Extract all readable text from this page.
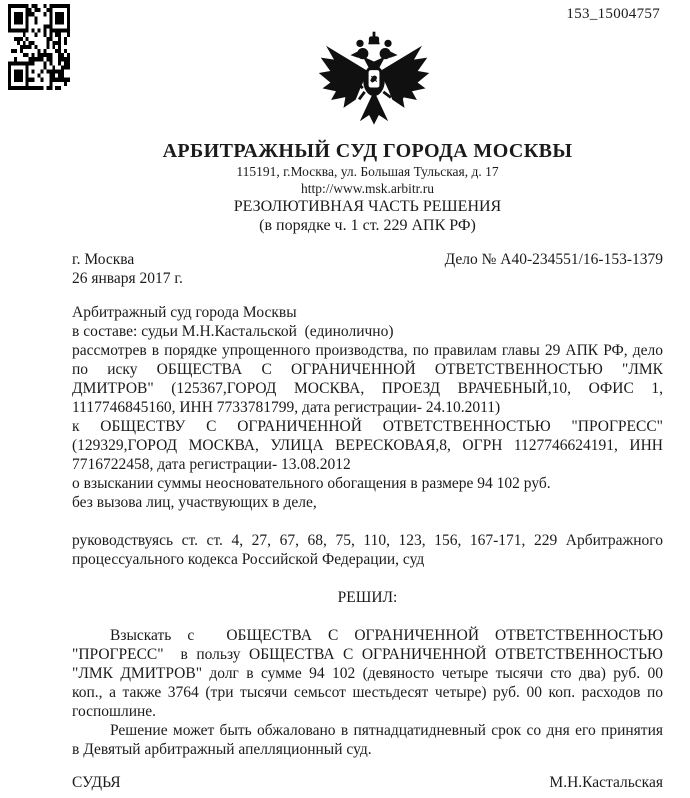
153_15004757
АРБИТРАЖНЫЙ СУД ГОРОДА МОСКВЫ
115191, г.Москва, ул. Большая Тульская, д. 17
http://www.msk.arbitr.ru
РЕЗОЛЮТИВНАЯ ЧАСТЬ РЕШЕНИЯ
(в порядке ч. 1 ст. 229 АПК РФ)
г. Москва	Дело № А40-234551/16-153-1379
26 января 2017 г.
Арбитражный суд города Москвы
в составе: судьи М.Н.Кастальской  (единолично)
рассмотрев в порядке упрощенного производства, по правилам главы 29 АПК РФ, дело
по иску ОБЩЕСТВА С ОГРАНИЧЕННОЙ ОТВЕТСТВЕННОСТЬЮ "ЛМК
ДМИТРОВ" (125367,ГОРОД МОСКВА, ПРОЕЗД ВРАЧЕБНЫЙ,10, ОФИС 1,
1117746845160, ИНН 7733781799, дата регистрации- 24.10.2011)
к ОБЩЕСТВУ С ОГРАНИЧЕННОЙ ОТВЕТСТВЕННОСТЬЮ "ПРОГРЕСС"
(129329,ГОРОД МОСКВА, УЛИЦА ВЕРЕСКОВАЯ,8, ОГРН 1127746624191, ИНН
7716722458, дата регистрации- 13.08.2012
о взыскании суммы неосновательного обогащения в размере 94 102 руб.
без вызова лиц, участвующих в деле,
руководствуясь ст. ст. 4, 27, 67, 68, 75, 110, 123, 156, 167-171, 229 Арбитражного
процессуального кодекса Российской Федерации, суд
РЕШИЛ:
Взыскать с  ОБЩЕСТВА С ОГРАНИЧЕННОЙ ОТВЕТСТВЕННОСТЬЮ
"ПРОГРЕСС"  в пользу ОБЩЕСТВА С ОГРАНИЧЕННОЙ ОТВЕТСТВЕННОСТЬЮ
"ЛМК ДМИТРОВ" долг в сумме 94 102 (девяносто четыре тысячи сто два) руб. 00
коп., а также 3764 (три тысячи семьсот шестьдесят четыре) руб. 00 коп. расходов по
госпошлине.
Решение может быть обжаловано в пятнадцатидневный срок со дня его принятия
в Девятый арбитражный апелляционный суд.
СУДЬЯ	М.Н.Кастальская
